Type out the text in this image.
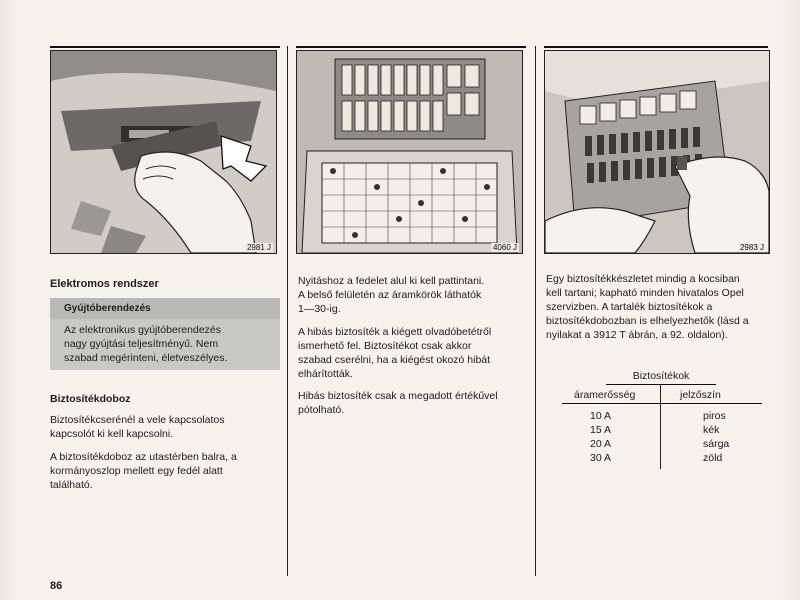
2981 J	4060 J	2983 J
Elektromos rendszer
Gyújtóberendezés
Az elektronikus gyújtóberendezés
nagy gyújtási teljesítményű. Nem
szabad megérinteni, életveszélyes.
Biztosítékdoboz
Biztosítékcserénél a vele kapcsolatos
kapcsolót ki kell kapcsolni.
A biztosítékdoboz az utastérben balra, a
kormányoszlop mellett egy fedél alatt
található.
Nyitáshoz a fedelet alul ki kell pattintani.
A belső felületén az áramkörök láthatók
1—30-ig.
A hibás biztosíték a kiégett olvadóbetétről
ismerhető fel. Biztosítékot csak akkor
szabad cserélni, ha a kiégést okozó hibát
elhárították.
Hibás biztosíték csak a megadott értékűvel
pótolható.
Egy biztosítékkészletet mindig a kocsiban
kell tartani; kapható minden hivatalos Opel
szervizben. A tartalék biztosítékok a
biztosítékdobozban is elhelyezhetők (lásd a
nyilakat a 3912 T ábrán, a 92. oldalon).
Biztosítékok
áramerősség	jelzőszín
10 A	piros
15 A	kék
20 A	sárga
30 A	zöld
86
